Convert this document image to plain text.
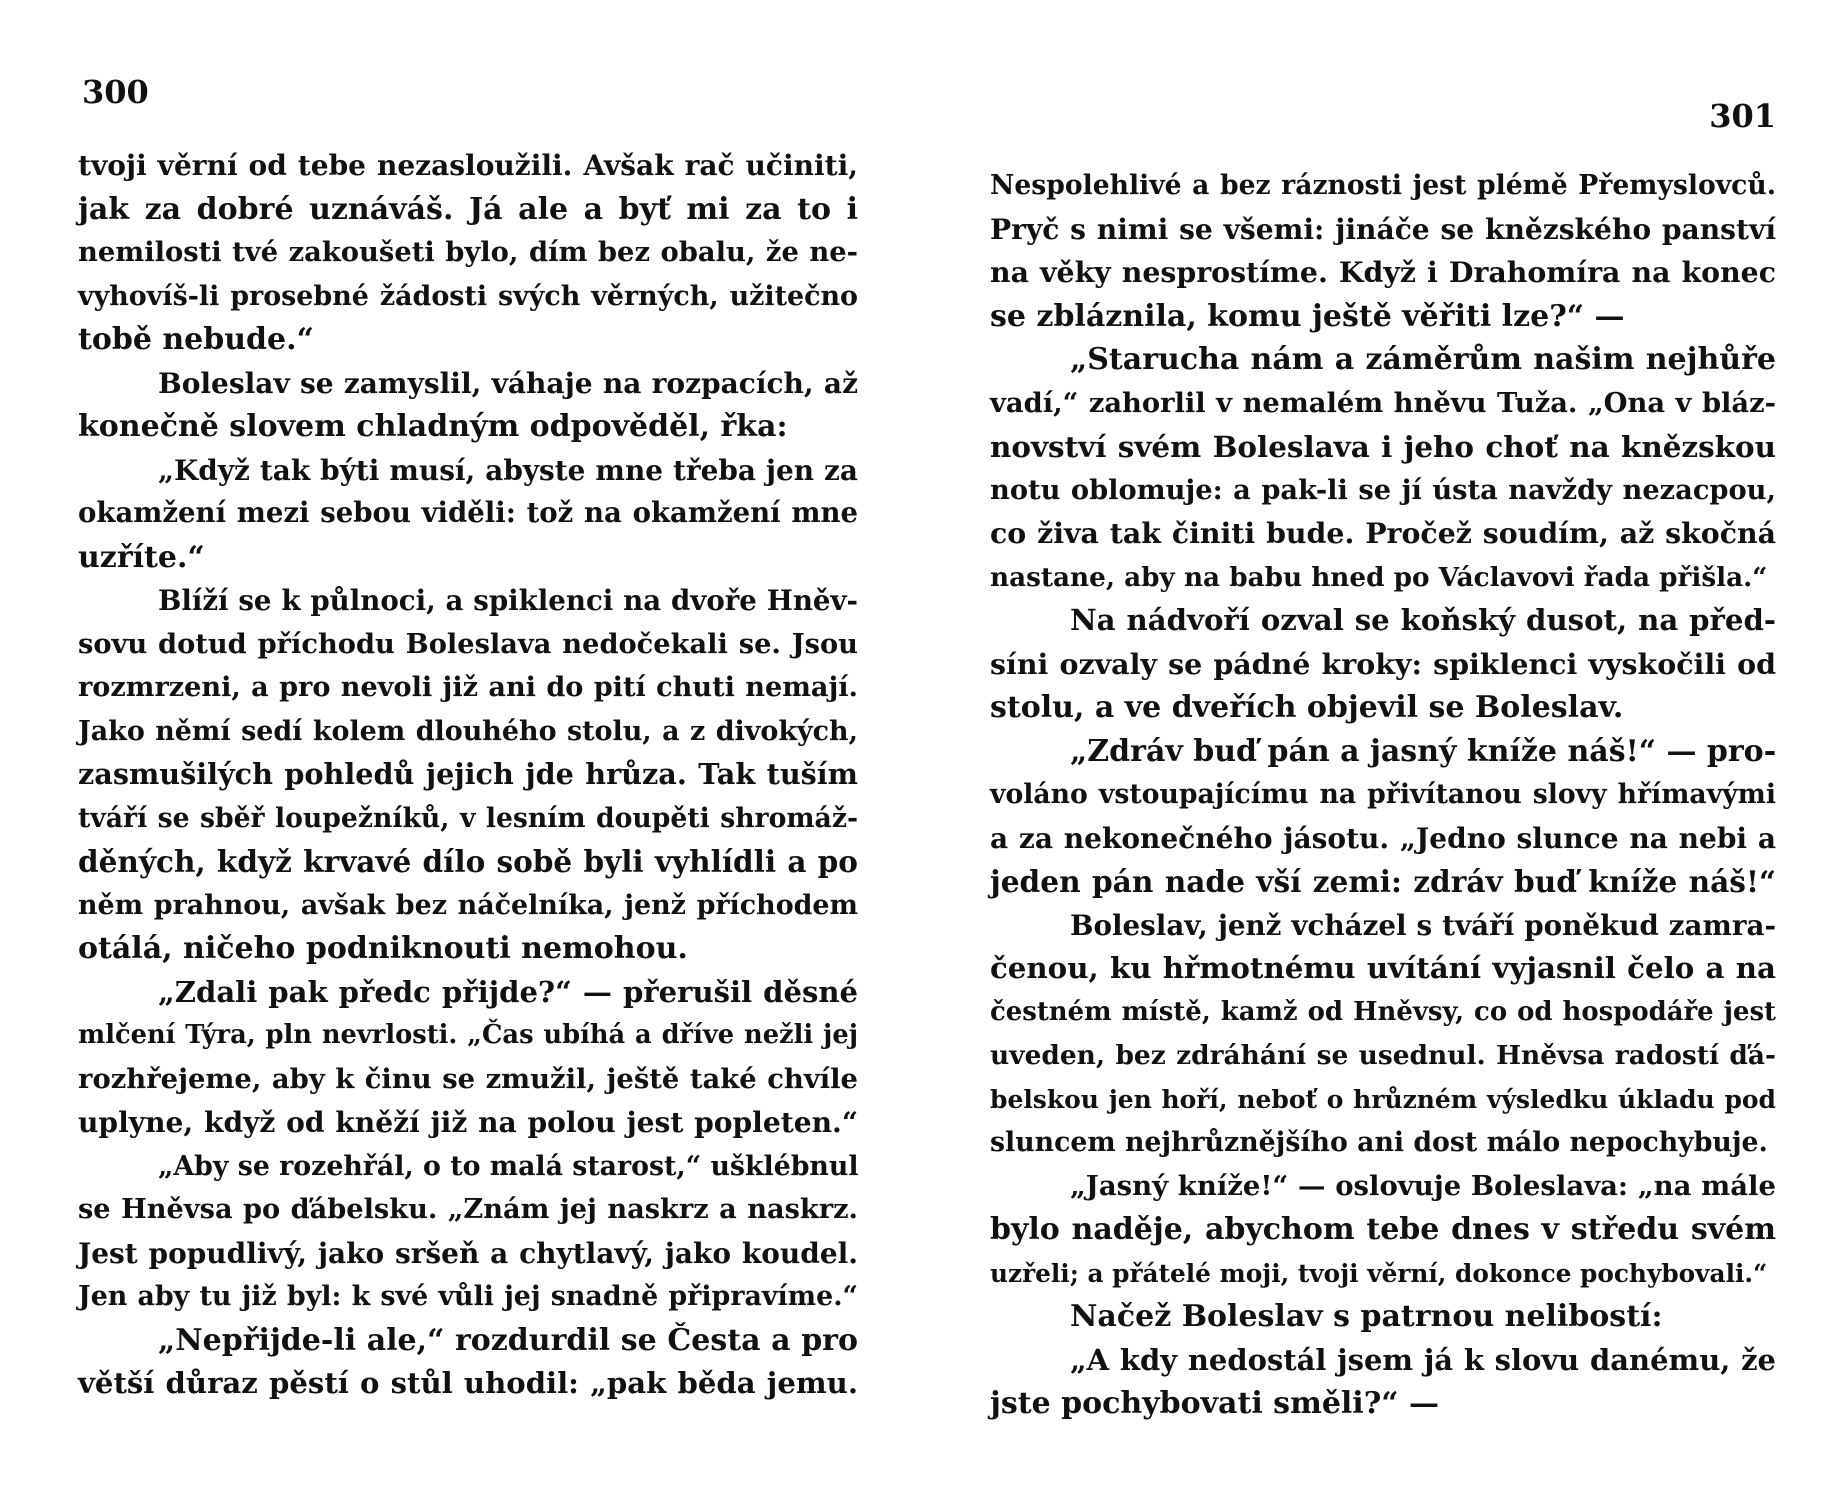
300
tvoji věrní od tebe nezasloužili. Avšak rač učiniti,
jak za dobré uznáváš. Já ale a byť mi za to i
nemilosti tvé zakoušeti bylo, dím bez obalu, že ne-
vyhovíš-li prosebné žádosti svých věrných, užitečno
tobě nebude.“
Boleslav se zamyslil, váhaje na rozpacích, až
konečně slovem chladným odpověděl, řka:
„Když tak býti musí, abyste mne třeba jen za
okamžení mezi sebou viděli: tož na okamžení mne
uzříte.“
Blíží se k půlnoci, a spiklenci na dvoře Hněv-
sovu dotud příchodu Boleslava nedočekali se. Jsou
rozmrzeni, a pro nevoli již ani do pití chuti nemají.
Jako němí sedí kolem dlouhého stolu, a z divokých,
zasmušilých pohledů jejich jde hrůza. Tak tuším
tváří se sběř loupežníků, v lesním doupěti shromáž-
děných, když krvavé dílo sobě byli vyhlídli a po
něm prahnou, avšak bez náčelníka, jenž příchodem
otálá, ničeho podniknouti nemohou.
„Zdali pak předc přijde?“ — přerušil děsné
mlčení Týra, pln nevrlosti. „Čas ubíhá a dříve nežli jej
rozhřejeme, aby k činu se zmužil, ještě také chvíle
uplyne, když od kněží již na polou jest popleten.“
„Aby se rozehřál, o to malá starost,“ ušklébnul
se Hněvsa po ďábelsku. „Znám jej naskrz a naskrz.
Jest popudlivý, jako sršeň a chytlavý, jako koudel.
Jen aby tu již byl: k své vůli jej snadně připravíme.“
„Nepřijde-li ale,“ rozdurdil se Česta a pro
větší důraz pěstí o stůl uhodil: „pak běda jemu.
301
Nespolehlivé a bez ráznosti jest plémě Přemyslovců.
Pryč s nimi se všemi: jináče se knězského panství
na věky nesprostíme. Když i Drahomíra na konec
se zbláznila, komu ještě věřiti lze?“ —
„Starucha nám a záměrům našim nejhůře
vadí,“ zahorlil v nemalém hněvu Tuža. „Ona v bláz-
novství svém Boleslava i jeho choť na knězskou
notu oblomuje: a pak-li se jí ústa navždy nezacpou,
co živa tak činiti bude. Pročež soudím, až skočná
nastane, aby na babu hned po Václavovi řada přišla.“
Na nádvoří ozval se koňský dusot, na před-
síni ozvaly se pádné kroky: spiklenci vyskočili od
stolu, a ve dveřích objevil se Boleslav.
„Zdráv buď pán a jasný kníže náš!“ — pro-
voláno vstoupajícímu na přivítanou slovy hřímavými
a za nekonečného jásotu. „Jedno slunce na nebi a
jeden pán nade vší zemi: zdráv buď kníže náš!“
Boleslav, jenž vcházel s tváří poněkud zamra-
čenou, ku hřmotnému uvítání vyjasnil čelo a na
čestném místě, kamž od Hněvsy, co od hospodáře jest
uveden, bez zdráhání se usednul. Hněvsa radostí ďá-
belskou jen hoří, neboť o hrůzném výsledku úkladu pod
sluncem nejhrůznějšího ani dost málo nepochybuje.
„Jasný kníže!“ — oslovuje Boleslava: „na mále
bylo naděje, abychom tebe dnes v středu svém
uzřeli; a přátelé moji, tvoji věrní, dokonce pochybovali.“
Načež Boleslav s patrnou nelibostí:
„A kdy nedostál jsem já k slovu danému, že
jste pochybovati směli?“ —
